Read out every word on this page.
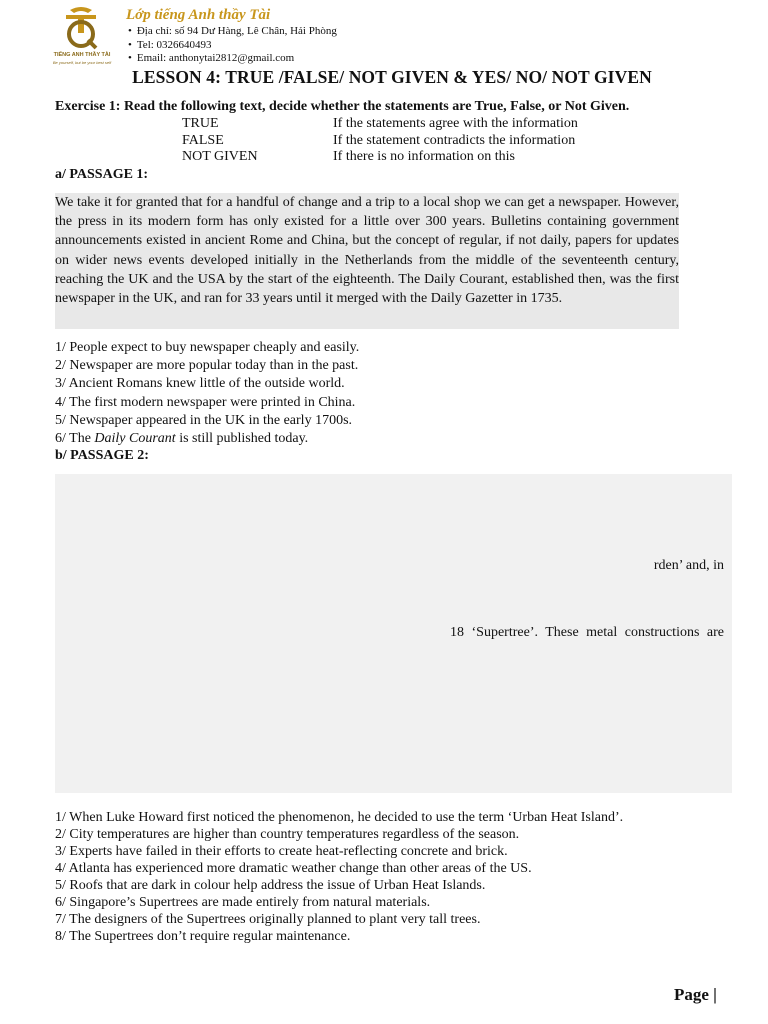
TIẾNG ANH THẦY TÀI
Be yourself, but be your best self
Lớp tiếng Anh thầy Tài
• Địa chỉ: số 94 Dư Hàng, Lê Chân, Hải Phòng
• Tel: 0326640493
• Email: anthonytai2812@gmail.com
LESSON 4: TRUE /FALSE/ NOT GIVEN & YES/ NO/ NOT GIVEN
Exercise 1: Read the following text, decide whether the statements are True, False, or Not Given.
TRUE	If the statements agree with the information
FALSE	If the statement contradicts the information
NOT GIVEN	If there is no information on this
a/ PASSAGE 1:

We take it for granted that for a handful of change and a trip to a local shop we can get a newspaper. However, the press in its modern form has only existed for a little over 300 years. Bulletins containing government announcements existed in ancient Rome and China, but the concept of regular, if not daily, papers for updates on wider news events developed initially in the Netherlands from the middle of the seventeenth century, reaching the UK and the USA by the start of the eighteenth. The Daily Courant, established then, was the first newspaper in the UK, and ran for 33 years until it merged with the Daily Gazetter in 1735.

1/ People expect to buy newspaper cheaply and easily.
2/ Newspaper are more popular today than in the past.
3/ Ancient Romans knew little of the outside world.
4/ The first modern newspaper were printed in China.
5/ Newspaper appeared in the UK in the early 1700s.
6/ The Daily Courant is still published today.
b/ PASSAGE 2:
rden’ and, in
18 ‘Supertree’. These metal constructions are
1/ When Luke Howard first noticed the phenomenon, he decided to use the term ‘Urban Heat Island’.
2/ City temperatures are higher than country temperatures regardless of the season.
3/ Experts have failed in their efforts to create heat-reflecting concrete and brick.
4/ Atlanta has experienced more dramatic weather change than other areas of the US.
5/ Roofs that are dark in colour help address the issue of Urban Heat Islands.
6/ Singapore’s Supertrees are made entirely from natural materials.
7/ The designers of the Supertrees originally planned to plant very tall trees.
8/ The Supertrees don’t require regular maintenance.
Page |
